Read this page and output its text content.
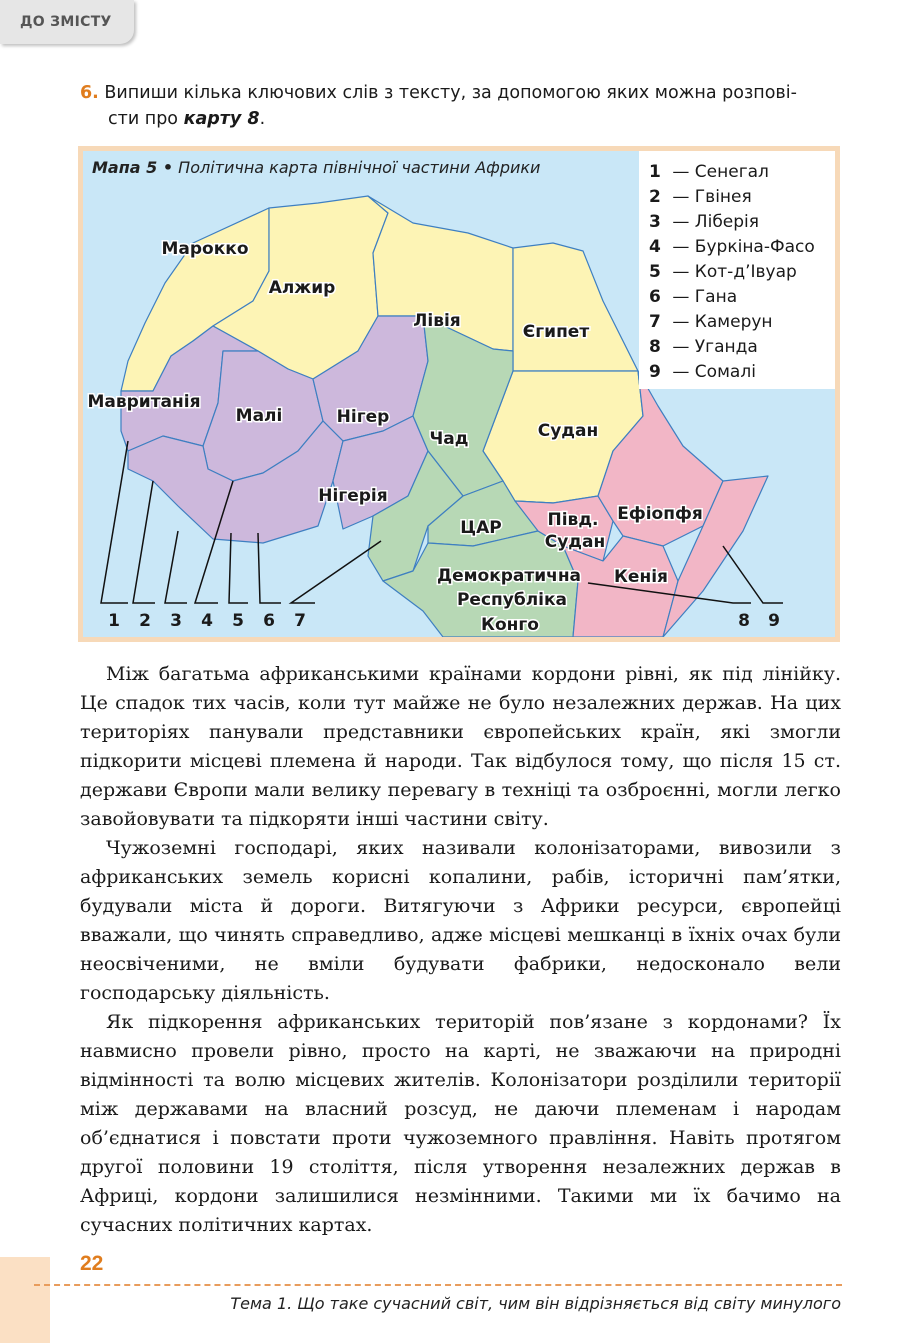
ДО ЗМІСТУ
6. Випиши кілька ключових слів з тексту, за допомогою яких можна розпові-
сти про карту 8.
Марокко
Алжир
Лівія
Єгипет
Мавританія
Малі	Нігер
Чад	Судан
Нігерія
ЦАР	Півд.
Судан
Ефіопфя
Демократична
Республіка
Конго
Кенія
1 2 3 4 5 6 7	8 9
Мапа 5 • Політична карта північної частини Африки	1 — Сенегал
2 — Гвінея
3 — Ліберія
4 — Буркіна-Фасо
5 — Кот-д’Івуар
6 — Гана
7 — Камерун
8 — Уганда
9 — Сомалі

Між багатьма африканськими країнами кордони рівні, як під лінійку. Це спадок тих часів, коли тут майже не було незалежних держав. На цих територіях панували представники європейських країн, які змогли підкорити місцеві племена й народи. Так відбулося тому, що після 15 ст. держави Європи мали велику перевагу в техніці та озброєнні, могли легко завойовувати та підкоряти інші частини світу.

Чужоземні господарі, яких називали колонізаторами, вивозили з африканських земель корисні копалини, рабів, історичні пам’ятки, будували міста й дороги. Витягуючи з Африки ресурси, європейці вважали, що чинять справедливо, адже місцеві мешканці в їхніх очах були неосвіченими, не вміли будувати фабрики, недосконало вели господарську діяльність.

Як підкорення африканських територій пов’язане з кордонами? Їх навмисно провели рівно, просто на карті, не зважаючи на природні відмінності та волю місцевих жителів. Колонізатори розділили території між державами на власний розсуд, не даючи племенам і народам об’єднатися і повстати проти чужоземного правління. Навіть протягом другої половини 19 століття, після утворення незалежних держав в Африці, кордони залишилися незмінними. Такими ми їх бачимо на сучасних політичних картах.

22
Тема 1. Що таке сучасний світ, чим він відрізняється від світу минулого
